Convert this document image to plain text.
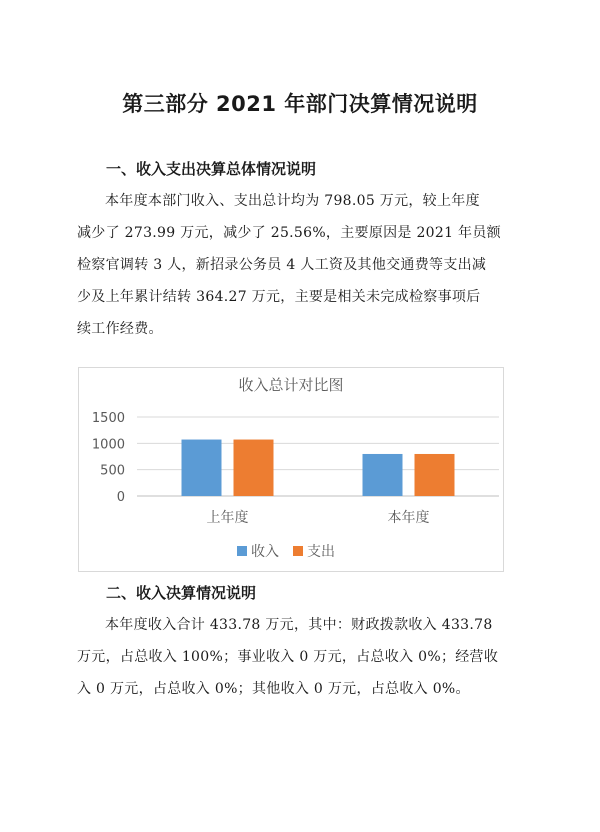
第三部分 2021 年部门决算情况说明
一、收入支出决算总体情况说明

本年度本部门收入、支出总计均为 798.05 万元，较上年度
减少了 273.99 万元，减少了 25.56%，主要原因是 2021 年员额
检察官调转 3 人，新招录公务员 4 人工资及其他交通费等支出减
少及上年累计结转 364.27 万元，主要是相关未完成检察事项后
续工作经费。

收入总计对比图
0
500
1000
1500
上年度	本年度
收入 支出
二、收入决算情况说明

本年度收入合计 433.78 万元，其中：财政拨款收入 433.78
万元，占总收入 100%；事业收入 0 万元，占总收入 0%；经营收
入 0 万元，占总收入 0%；其他收入 0 万元，占总收入 0%。
